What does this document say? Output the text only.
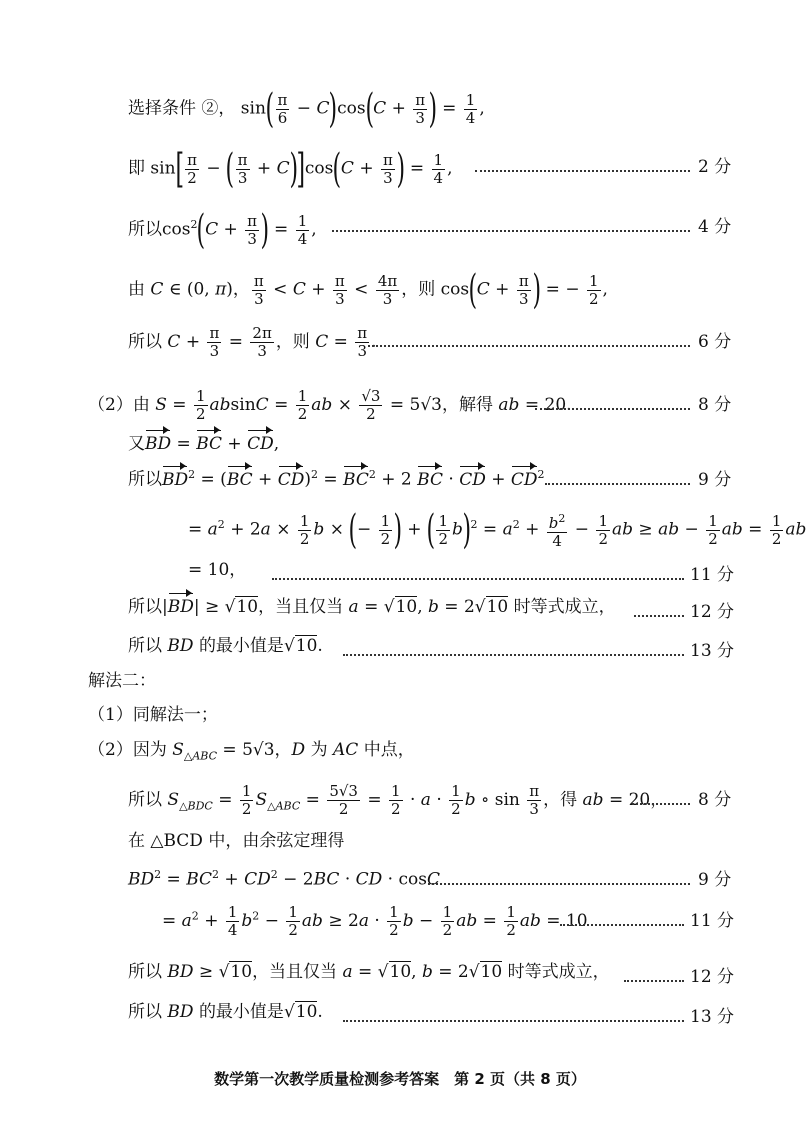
选择条件 ②， $\sin( \frac{\pi}{6} - C)\cos(C + \frac{\pi}{3}$ ) = $\frac{1}{4}$ ,
即 $\sin[ \frac{\pi}{2}$ − ( $\frac{\pi}{3} + C)]\cos(C + \frac{\pi}{3}$ ) = $\frac{1}{4}$ ,	2 分
所以$\cos^2(C + \frac{\pi}{3}$ ) = $\frac{1}{4}$ ,	4 分
由 C ∈ (0, π)， $\frac{\pi}{3} < C + \frac{\pi}{3} < \frac{4\pi}{3}$ ，则 $\cos(C + \frac{\pi}{3}$ ) = − $\frac{1}{2}$ ,
所以 $C + \frac{\pi}{3} = \frac{2\pi}{3}$ ，则 $C = \frac{\pi}{3}$ .	6 分
（2）由 $S = \frac{1}{2}$ $absinC = \frac{1}{2}$ ab × $\frac{√3}{2} = 5√3$，解得 ab = 20.	8 分
又BD = BC + CD,
所以$BD^2 = (BC + CD)^2 = BC^2 + 2$ BC · CD + $CD^2$	9 分
= $a^2 + 2a \times \frac{1}{2}$ b × (− $\frac{1}{2}$ ) + ( $\frac{1}{2} b)^2 = a^2 + \frac{b^2}{4} - \frac{1}{2}$ ab ≥ ab − $\frac{1}{2}$ ab = $\frac{1}{2}$ ab
= 10，	11 分
所以|BD| ≥ √10，当且仅当 a = √10, b = 2√10 时等式成立，	12 分
所以 BD 的最小值是√10.	13 分
解法二：
（1）同解法一；
（2）因为 $S_{\triangle ABC} = 5√3$，D 为 AC 中点，
所以 $S_{\triangle BDC} = \frac{1}{2} S_{\triangle ABC} = \frac{5√3}{2} = \frac{1}{2} \cdot a \cdot \frac{1}{2}$ b ∘ $\sin \frac{\pi}{3}$ ，得 ab = 20， 8 分
在 △BCD 中，由余弦定理得
$BD^2 = BC^2 + CD^2 - 2BC$ · CD · cosC	9 分
= $a^2 + \frac{1}{4} b^2 - \frac{1}{2}$ ab ≥ $2a \cdot \frac{1}{2}$ $b - \frac{1}{2}$ ab = $\frac{1}{2}$ ab = 10	11 分
所以 BD ≥ √10，当且仅当 a = √10, b = 2√10 时等式成立，	12 分
所以 BD 的最小值是√10.	13 分
数学第一次教学质量检测参考答案　第 2 页（共 8 页）
